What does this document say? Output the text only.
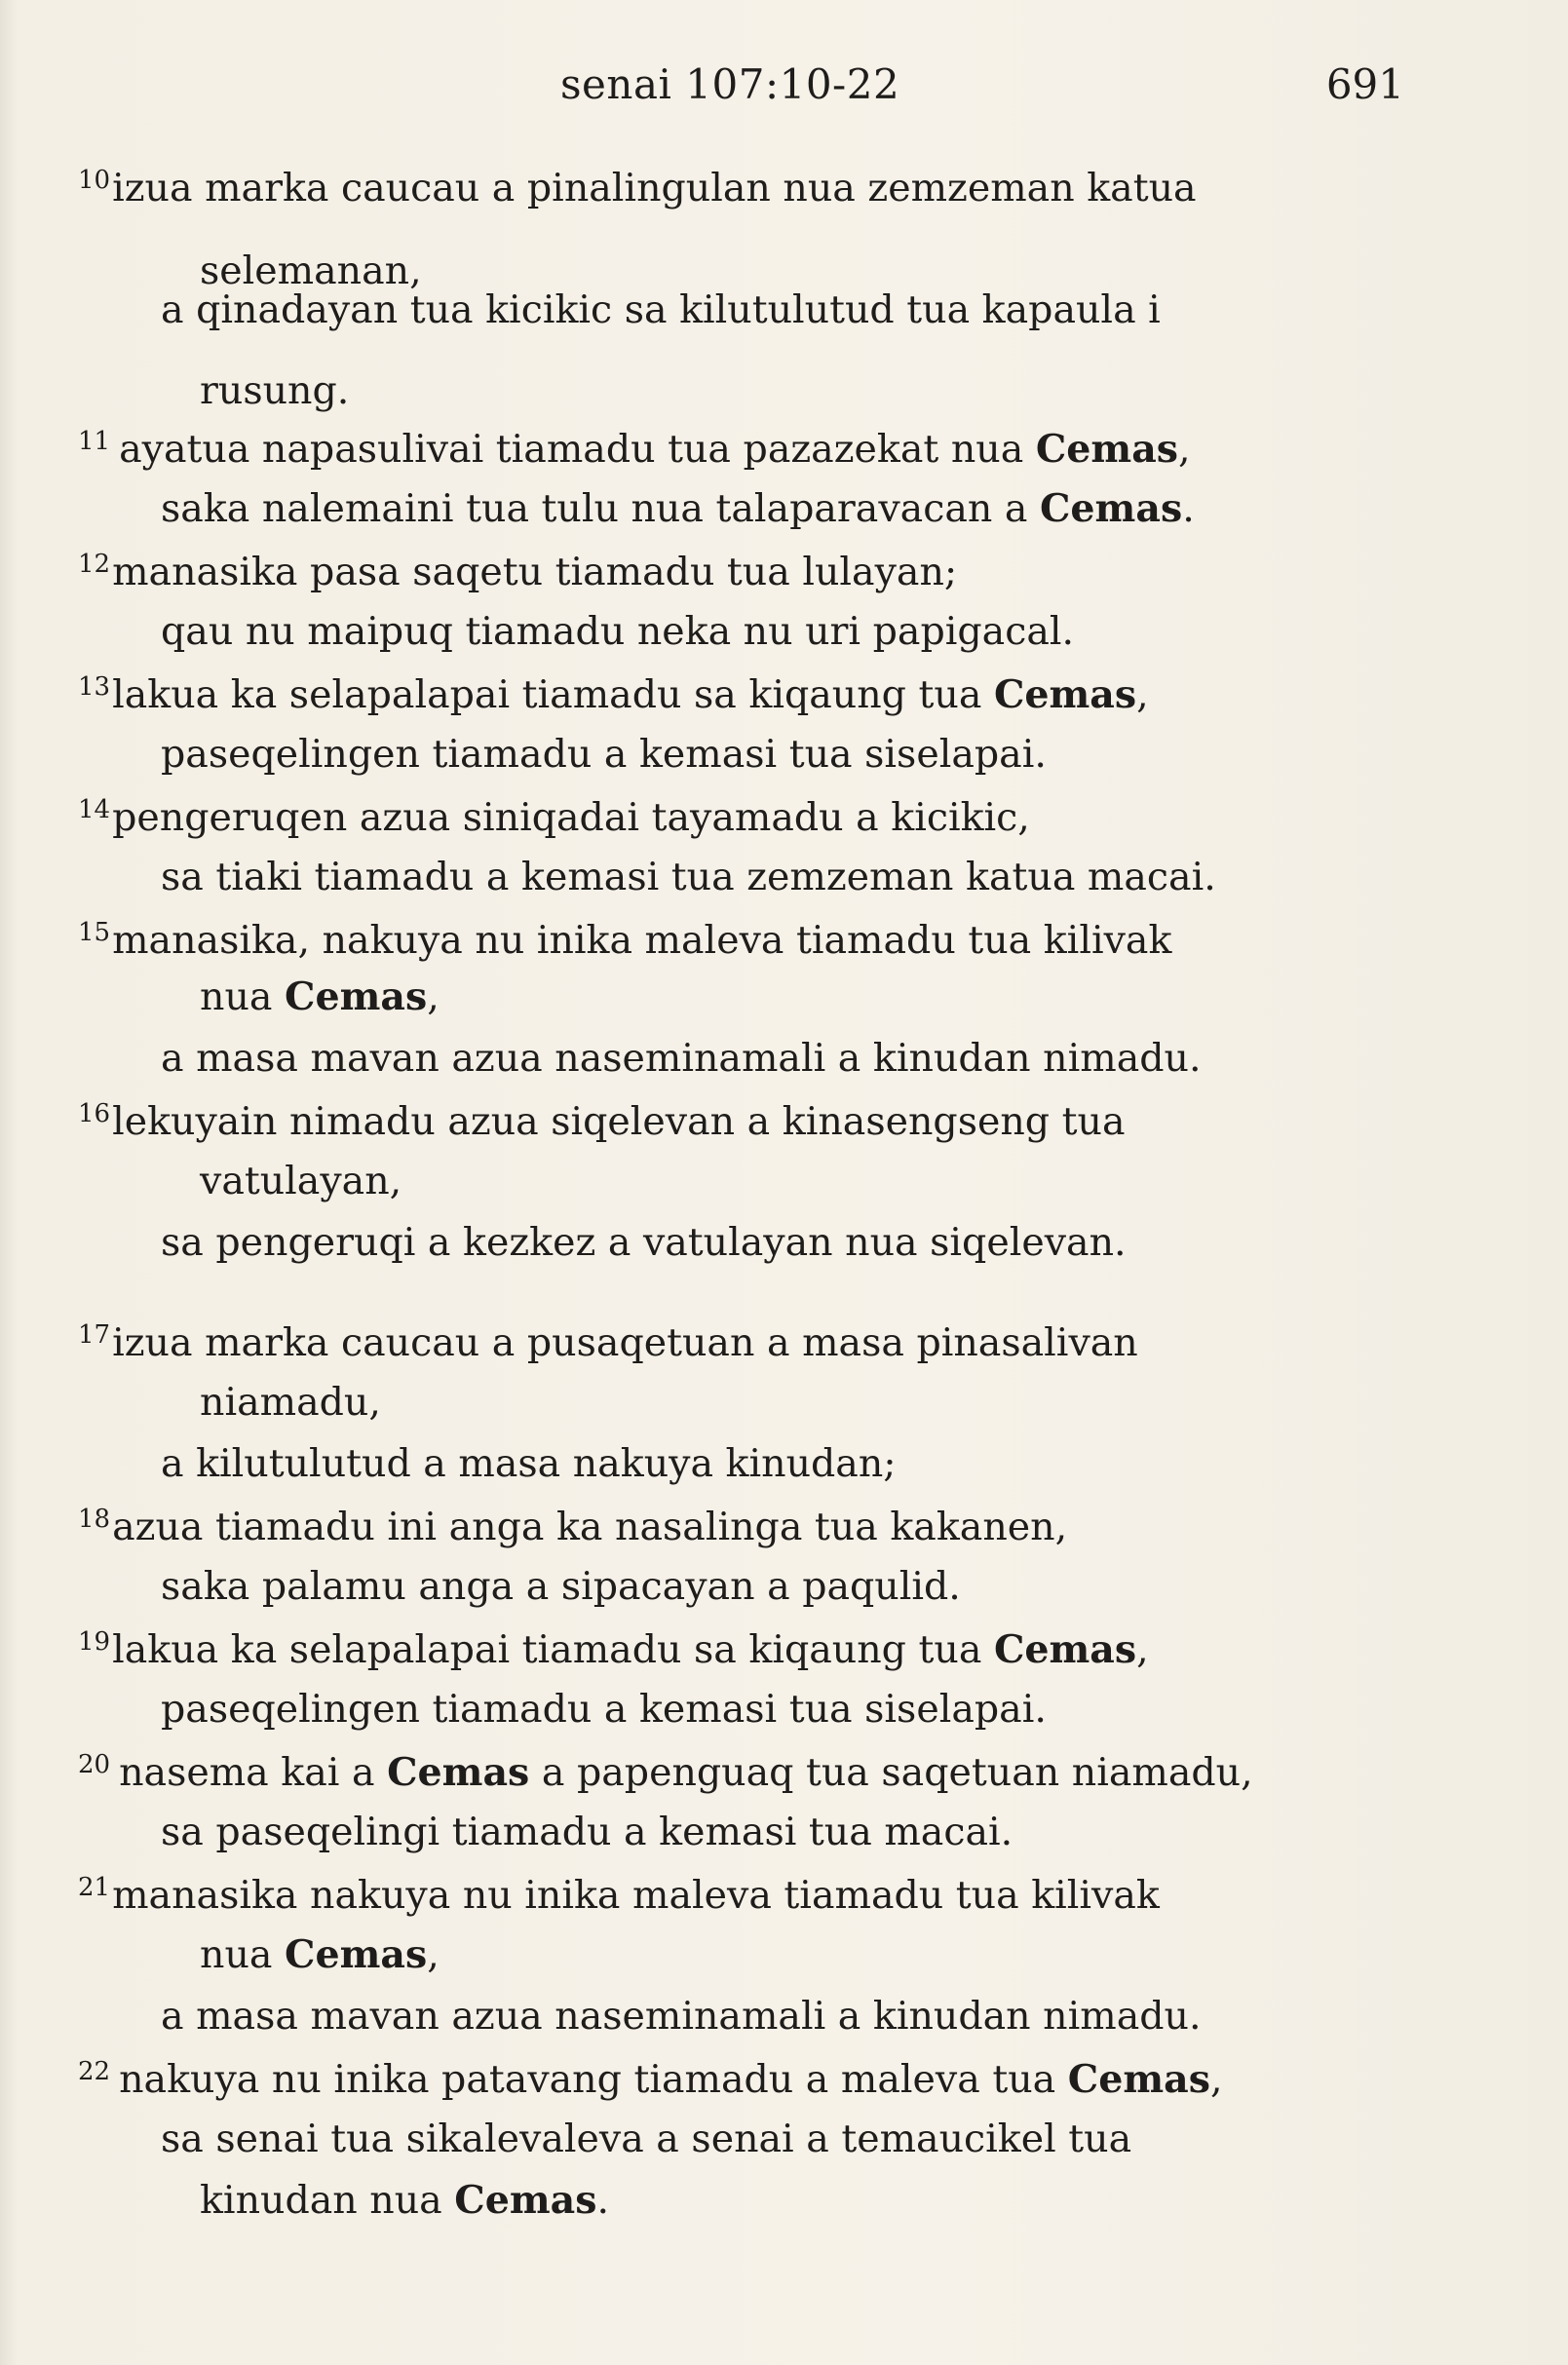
senai 107:10-22	691
$^{10}$izua marka caucau a pinalingulan nua zemzeman katua
selemanan,
a qinadayan tua kicikic sa kilutulutud tua kapaula i
rusung.
$^{11}$ ayatua napasulivai tiamadu tua pazazekat nua Cemas,
saka nalemaini tua tulu nua talaparavacan a Cemas.
$^{12}$manasika pasa saqetu tiamadu tua lulayan;
qau nu maipuq tiamadu neka nu uri papigacal.
$^{13}$lakua ka selapalapai tiamadu sa kiqaung tua Cemas,
paseqelingen tiamadu a kemasi tua siselapai.
$^{14}$pengeruqen azua siniqadai tayamadu a kicikic,
sa tiaki tiamadu a kemasi tua zemzeman katua macai.
$^{15}$manasika, nakuya nu inika maleva tiamadu tua kilivak
nua Cemas,
a masa mavan azua naseminamali a kinudan nimadu.
$^{16}$lekuyain nimadu azua siqelevan a kinasengseng tua
vatulayan,
sa pengeruqi a kezkez a vatulayan nua siqelevan.
$^{17}$izua marka caucau a pusaqetuan a masa pinasalivan
niamadu,
a kilutulutud a masa nakuya kinudan;
$^{18}$azua tiamadu ini anga ka nasalinga tua kakanen,
saka palamu anga a sipacayan a paqulid.
$^{19}$lakua ka selapalapai tiamadu sa kiqaung tua Cemas,
paseqelingen tiamadu a kemasi tua siselapai.
$^{20}$ nasema kai a Cemas a papenguaq tua saqetuan niamadu,
sa paseqelingi tiamadu a kemasi tua macai.
$^{21}$manasika nakuya nu inika maleva tiamadu tua kilivak
nua Cemas,
a masa mavan azua naseminamali a kinudan nimadu.
$^{22}$ nakuya nu inika patavang tiamadu a maleva tua Cemas,
sa senai tua sikalevaleva a senai a temaucikel tua
kinudan nua Cemas.
